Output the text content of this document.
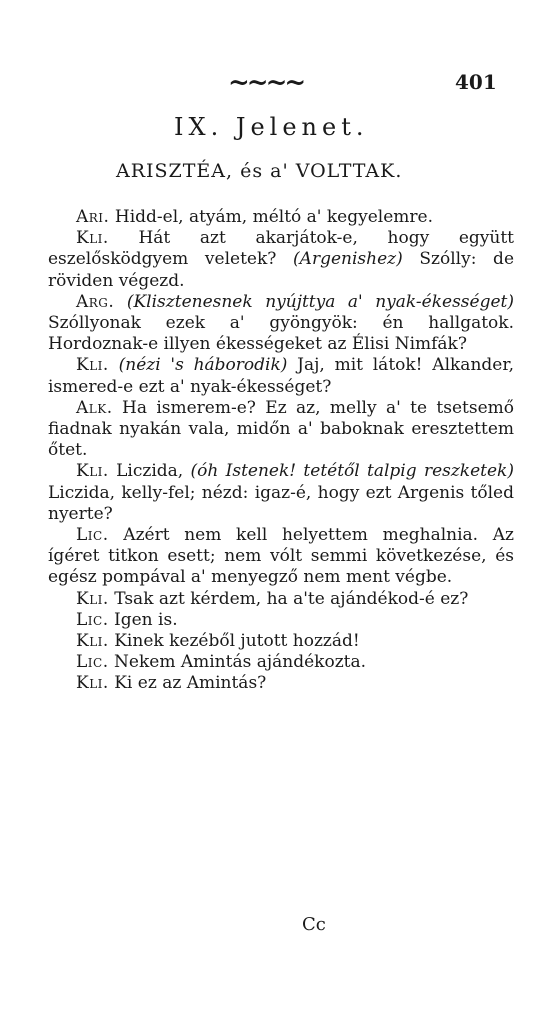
~~~~	401
IX. Jelenet.
ARISZTÉA, és a' VOLTTAK.

Ari. Hidd-el, atyám, méltó a' kegyelemre.

Kli. Hát azt akarjátok-e, hogy együtt eszelősködgyem veletek? (Argenishez) Szólly: de röviden végezd.

Arg. (Klisztenesnek nyújttya a' nyak-ékességet) Szóllyonak ezek a' gyöngyök: én hallgatok. Hordoznak-e illyen ékességeket az Élisi Nimfák?

Kli. (nézi 's háborodik) Jaj, mit látok! Alkander, ismered-e ezt a' nyak-ékességet?

Alk. Ha ismerem-e? Ez az, melly a' te tsetsemő fiadnak nyakán vala, midőn a' baboknak eresztettem őtet.

Kli. Liczida, (óh Istenek! tetétől talpig reszketek) Liczida, kelly-fel; nézd: igaz-é, hogy ezt Argenis tőled nyerte?

Lic. Azért nem kell helyettem meghalnia. Az ígéret titkon esett; nem vólt semmi következése, és egész pompával a' menyegző nem ment végbe.

Kli. Tsak azt kérdem, ha a'te ajándékod-é ez?

Lic. Igen is.

Kli. Kinek kezéből jutott hozzád!

Lic. Nekem Amintás ajándékozta.

Kli. Ki ez az Amintás?

Cc
